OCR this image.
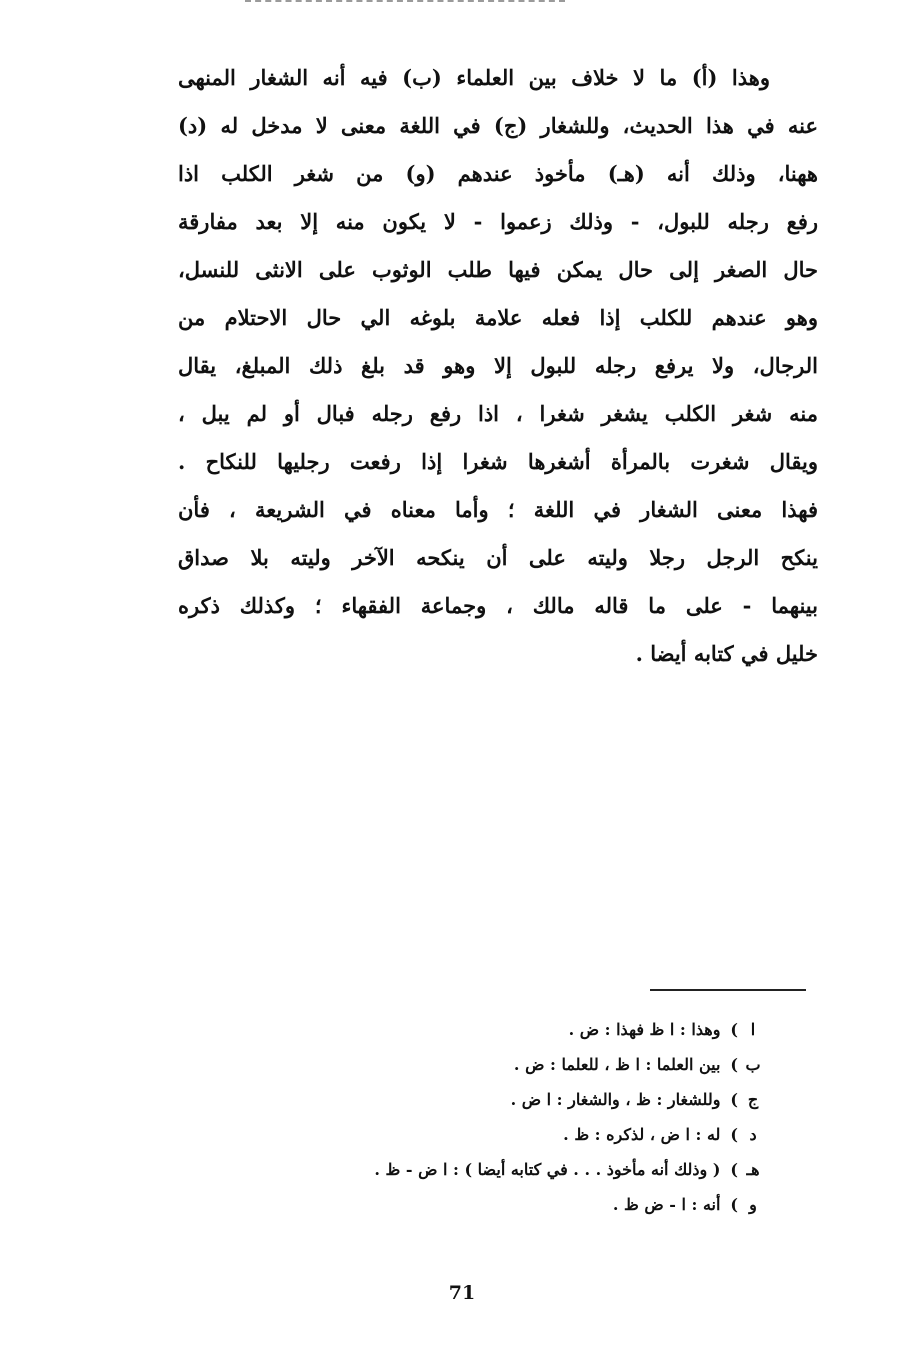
وهذا (أ) ما لا خلاف بين العلماء (ب) فيه أنه الشغار المنهى
عنه في هذا الحديث، وللشغار (ج) في اللغة معنى لا مدخل له (د)
ههنا، وذلك أنه (هـ) مأخوذ عندهم (و) من شغر الكلب اذا
رفع رجله للبول، - وذلك زعموا - لا يكون منه إلا بعد مفارقة
حال الصغر إلى حال يمكن فيها طلب الوثوب على الانثى للنسل،
وهو عندهم للكلب إذا فعله علامة بلوغه الي حال الاحتلام من
الرجال، ولا يرفع رجله للبول إلا وهو قد بلغ ذلك المبلغ، يقال
منه شغر الكلب يشغر شغرا ، اذا رفع رجله فبال أو لم يبل ،
ويقال شغرت بالمرأة أشغرها شغرا إذا رفعت رجليها للنكاح .
فهذا معنى الشغار في اللغة ؛ وأما معناه في الشريعة ، فأن
ينكح الرجل رجلا وليته على أن ينكحه الآخر وليته بلا صداق
بينهما - على ما قاله مالك ، وجماعة الفقهاء ؛ وكذلك ذكره
خليل في كتابه أيضا .
ا)وهذا : ا ظ فهذا : ض .
ب)بين العلما : ا ظ ، للعلما : ض .
ج)وللشغار : ظ ، والشغار : ا ض .
د)له : ا ض ، لذكره : ظ .
هـ)( وذلك أنه مأخوذ . . . في كتابه أيضا ) : ا ض - ظ .
و)أنه : ا - ض ظ .
71
